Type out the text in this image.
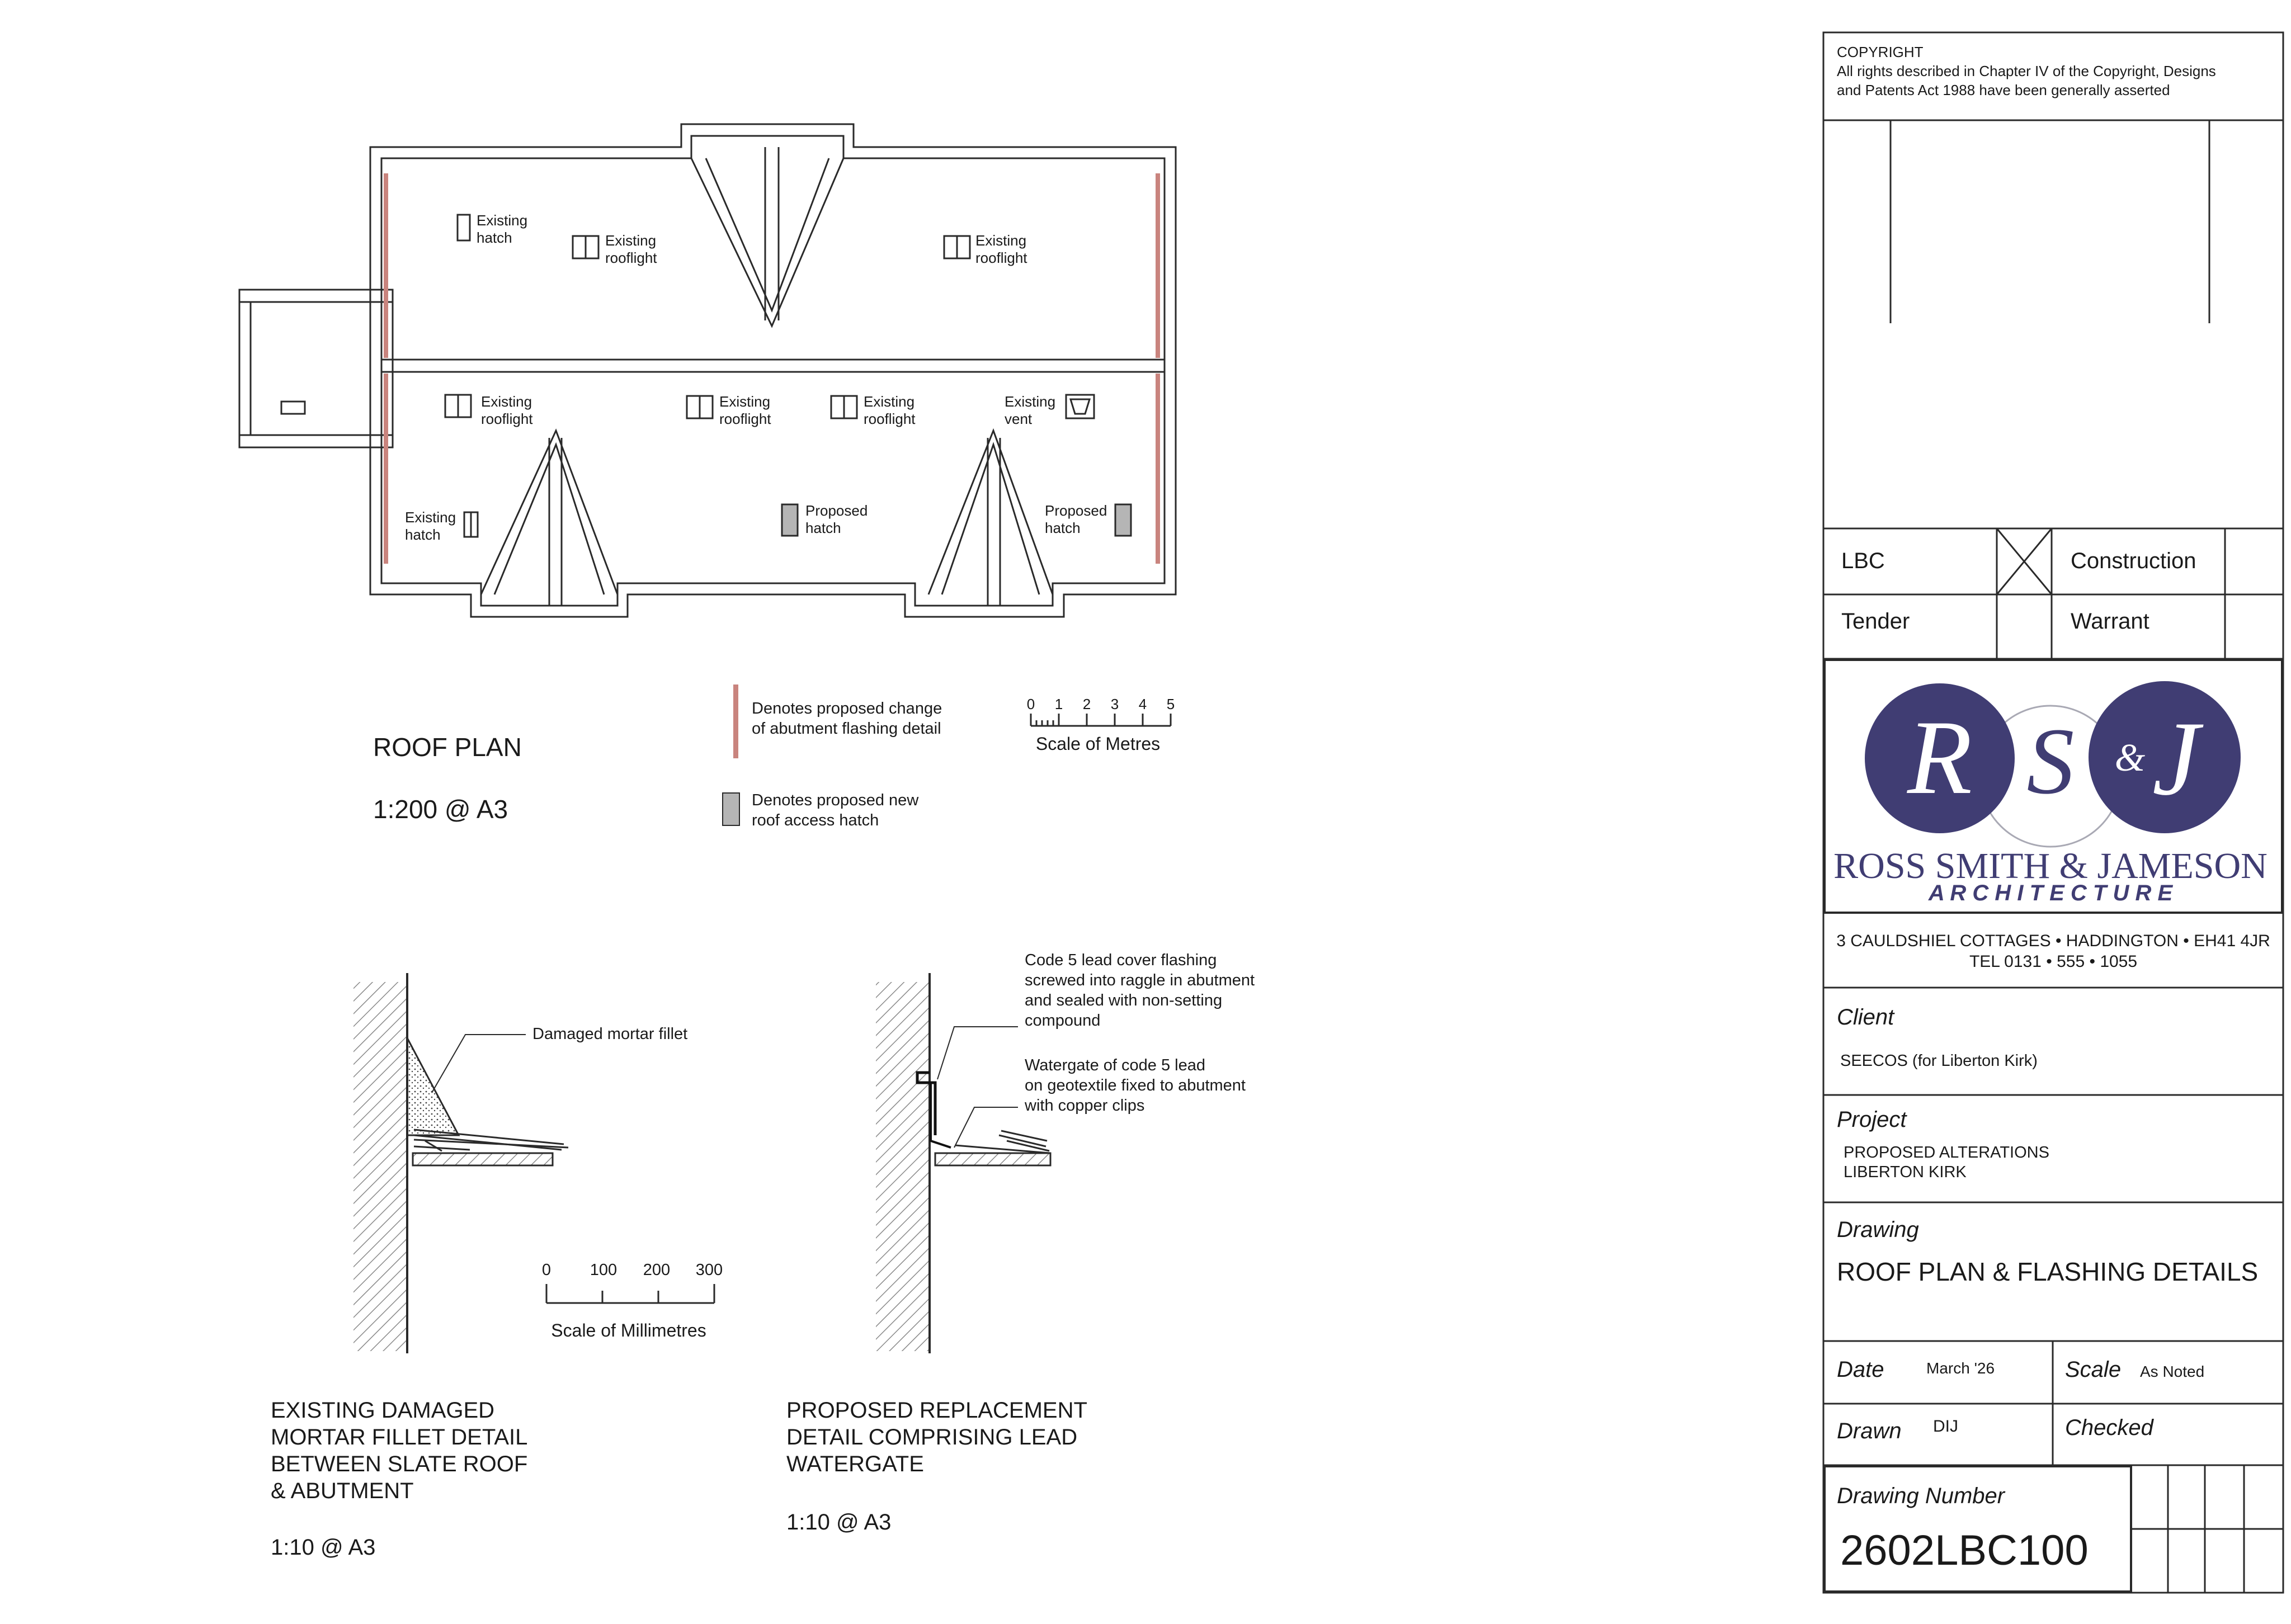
Existing hatch	Existing rooflight
Existing rooflight
Existing rooflight
Existing rooflight
Existing rooflight
Existing vent
Existing hatch
Proposed hatch
Proposed hatch
ROOF PLAN
1:200 @ A3
Denotes proposed change of abutment flashing detail
Denotes proposed new roof access hatch
0 1 2 3 4 5
Scale of Metres
Damaged mortar fillet
EXISTING DAMAGED MORTAR FILLET DETAIL BETWEEN SLATE ROOF & ABUTMENT
1:10 @ A3
0 100 200 300
Scale of Millimetres
Code 5 lead cover flashing screwed into raggle in abutment and sealed with non-setting compound
Watergate of code 5 lead on geotextile fixed to abutment with copper clips
PROPOSED REPLACEMENT DETAIL COMPRISING LEAD WATERGATE
1:10 @ A3
COPYRIGHT All rights described in Chapter IV of the Copyright, Designs and Patents Act 1988 have been generally asserted
LBC	Construction
Tender	Warrant
R S & J
ROSS SMITH & JAMESON
A R C H I T E C T U R E
3 CAULDSHIEL COTTAGES • HADDINGTON • EH41 4JR
TEL 0131 • 555 • 1055
Client
SEECOS (for Liberton Kirk)
Project
PROPOSED ALTERATIONS LIBERTON KIRK
Drawing
ROOF PLAN & FLASHING DETAILS
Date	March '26	Scale As Noted
Drawn DIJ	Checked
Drawing Number
2602LBC100
